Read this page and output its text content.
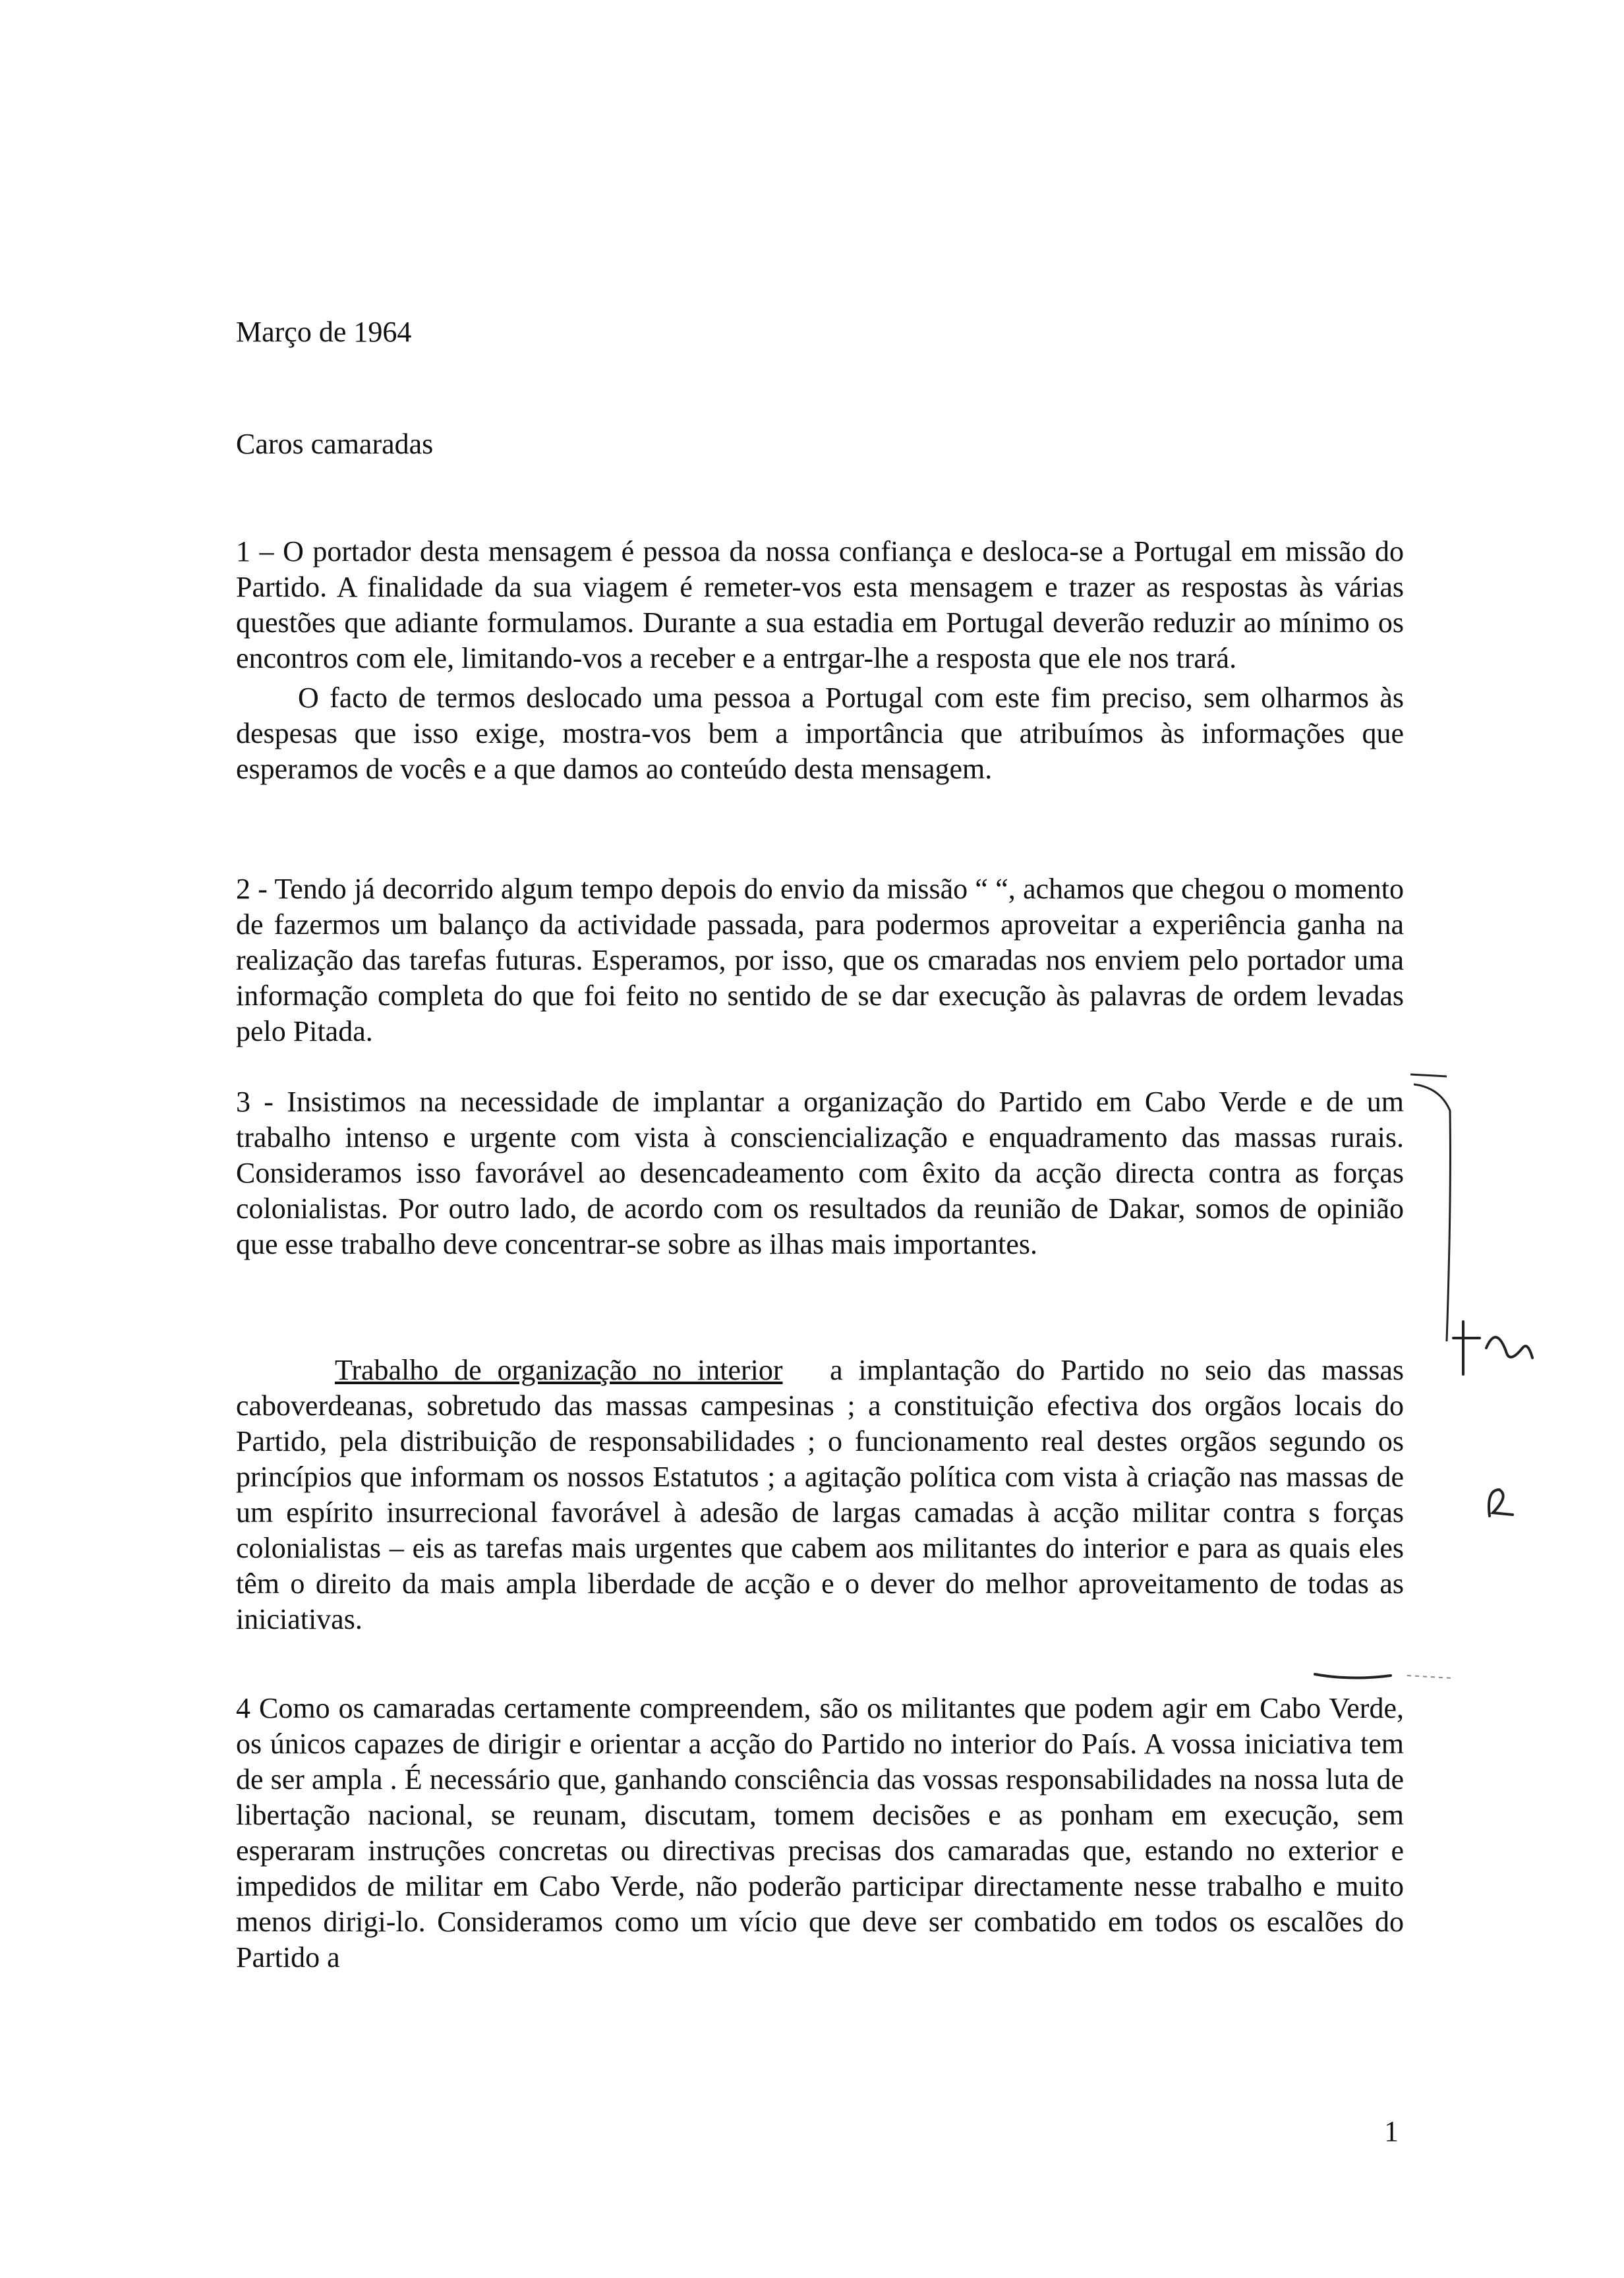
Março de 1964
Caros camaradas

1 – O portador desta mensagem é pessoa da nossa confiança e desloca-se a Portugal em missão do Partido. A finalidade da sua viagem é remeter-vos esta mensagem e trazer as respostas às várias questões que adiante formulamos. Durante a sua estadia em Portugal deverão reduzir ao mínimo os encontros com ele, limitando-vos a receber e a entrgar-lhe a resposta que ele nos trará.

O facto de termos deslocado uma pessoa a Portugal com este fim preciso, sem olharmos às despesas que isso exige, mostra-vos bem a importância que atribuímos às informações que esperamos de vocês e a que damos ao conteúdo desta mensagem.

2 - Tendo já decorrido algum tempo depois do envio da missão “ “, achamos que chegou o momento de fazermos um balanço da actividade passada, para podermos aproveitar a experiência ganha na realização das tarefas futuras. Esperamos, por isso, que os cmaradas nos enviem pelo portador uma informação completa do que foi feito no sentido de se dar execução às palavras de ordem levadas pelo Pitada.

3 - Insistimos na necessidade de implantar a organização do Partido em Cabo Verde e de um trabalho intenso e urgente com vista à consciencialização e enquadramento das massas rurais. Consideramos isso favorável ao desencadeamento com êxito da acção directa contra as forças colonialistas. Por outro lado, de acordo com os resultados da reunião de Dakar, somos de opinião que esse trabalho deve concentrar-se sobre as ilhas mais importantes.

Trabalho de organização no interior a implantação do Partido no seio das massas caboverdeanas, sobretudo das massas campesinas ; a constituição efectiva dos orgãos locais do Partido, pela distribuição de responsabilidades ; o funcionamento real destes orgãos segundo os princípios que informam os nossos Estatutos ; a agitação política com vista à criação nas massas de um espírito insurrecional favorável à adesão de largas camadas à acção militar contra s forças colonialistas – eis as tarefas mais urgentes que cabem aos militantes do interior e para as quais eles têm o direito da mais ampla liberdade de acção e o dever do melhor aproveitamento de todas as iniciativas.

4 Como os camaradas certamente compreendem, são os militantes que podem agir em Cabo Verde, os únicos capazes de dirigir e orientar a acção do Partido no interior do País. A vossa iniciativa tem de ser ampla . É necessário que, ganhando consciência das vossas responsabilidades na nossa luta de libertação nacional, se reunam, discutam, tomem decisões e as ponham em execução, sem esperaram instruções concretas ou directivas precisas dos camaradas que, estando no exterior e impedidos de militar em Cabo Verde, não poderão participar directamente nesse trabalho e muito menos dirigi-lo. Consideramos como um vício que deve ser combatido em todos os escalões do Partido a

1
